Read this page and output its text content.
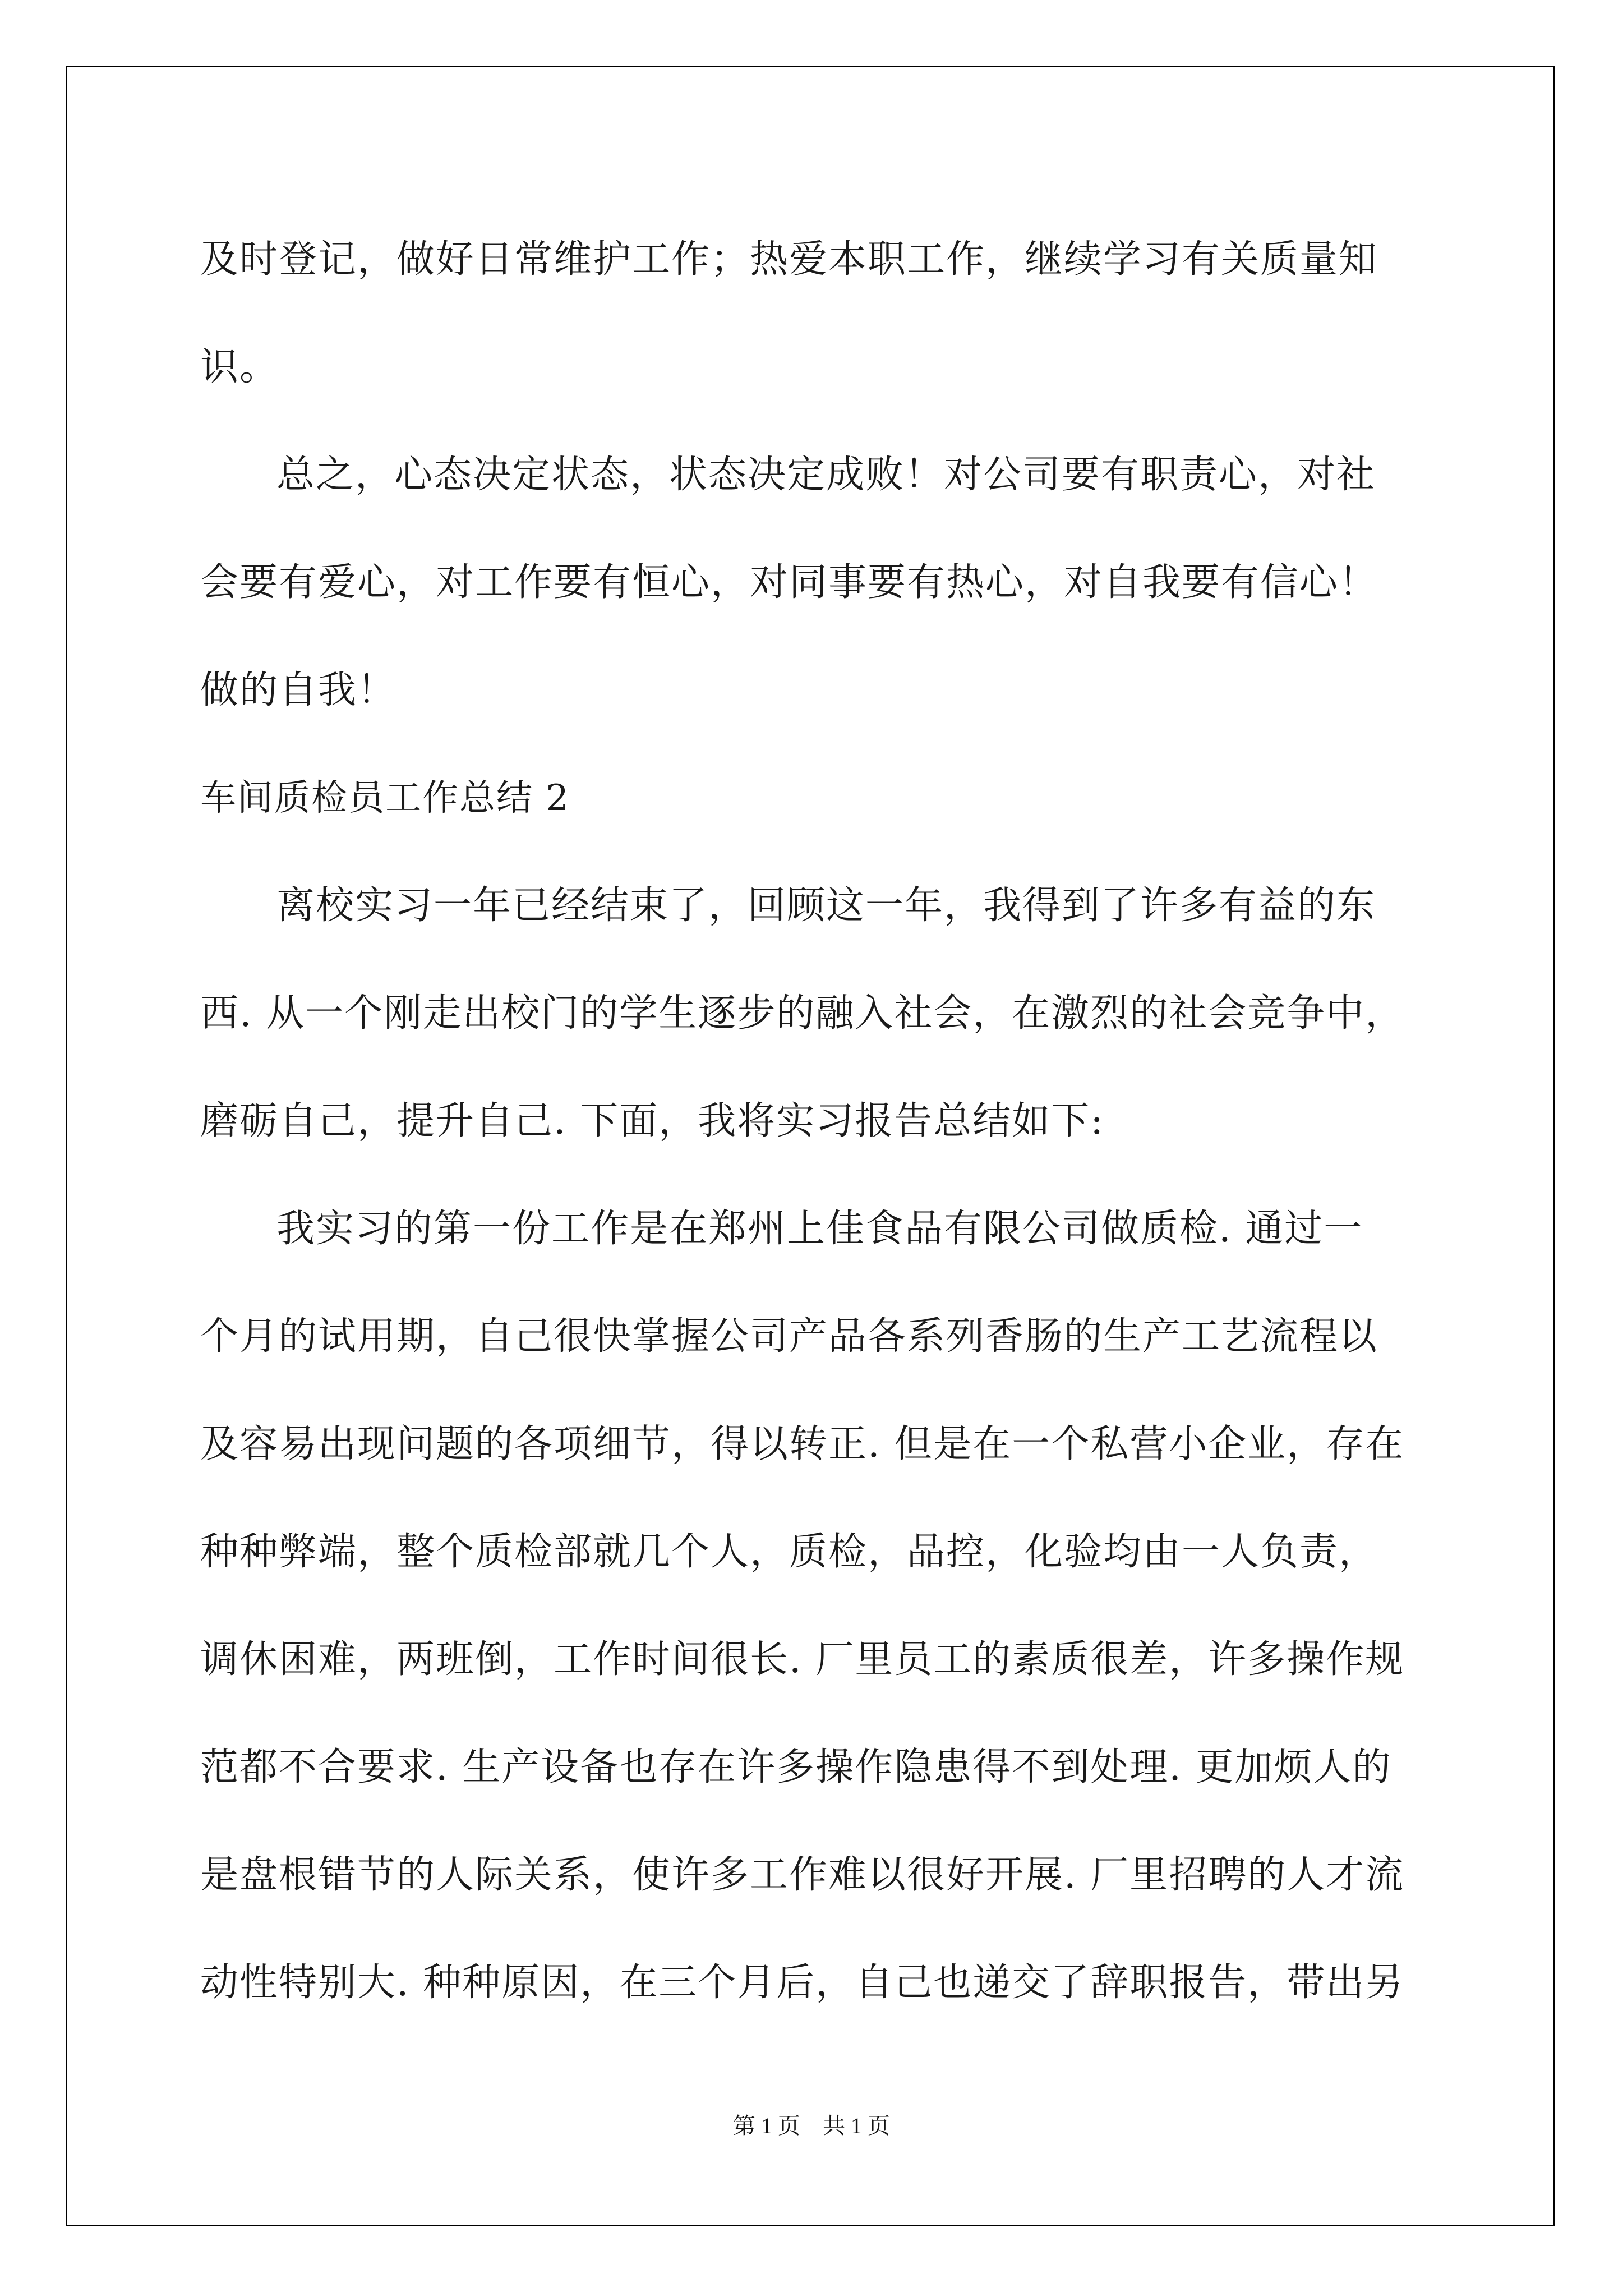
及时登记，做好日常维护工作；热爱本职工作，继续学习有关质量知
识。
总之，心态决定状态，状态决定成败！对公司要有职责心，对社
会要有爱心，对工作要有恒心，对同事要有热心，对自我要有信心！
做的自我！
车间质检员工作总结 2
离校实习一年已经结束了，回顾这一年，我得到了许多有益的东
西. 从一个刚走出校门的学生逐步的融入社会，在激烈的社会竞争中，
磨砺自己，提升自己. 下面，我将实习报告总结如下:
我实习的第一份工作是在郑州上佳食品有限公司做质检. 通过一
个月的试用期，自己很快掌握公司产品各系列香肠的生产工艺流程以
及容易出现问题的各项细节，得以转正. 但是在一个私营小企业，存在
种种弊端，整个质检部就几个人，质检，品控，化验均由一人负责，
调休困难，两班倒，工作时间很长. 厂里员工的素质很差，许多操作规
范都不合要求. 生产设备也存在许多操作隐患得不到处理. 更加烦人的
是盘根错节的人际关系，使许多工作难以很好开展. 厂里招聘的人才流
动性特别大. 种种原因，在三个月后，自己也递交了辞职报告，带出另
第 1 页　共 1 页
